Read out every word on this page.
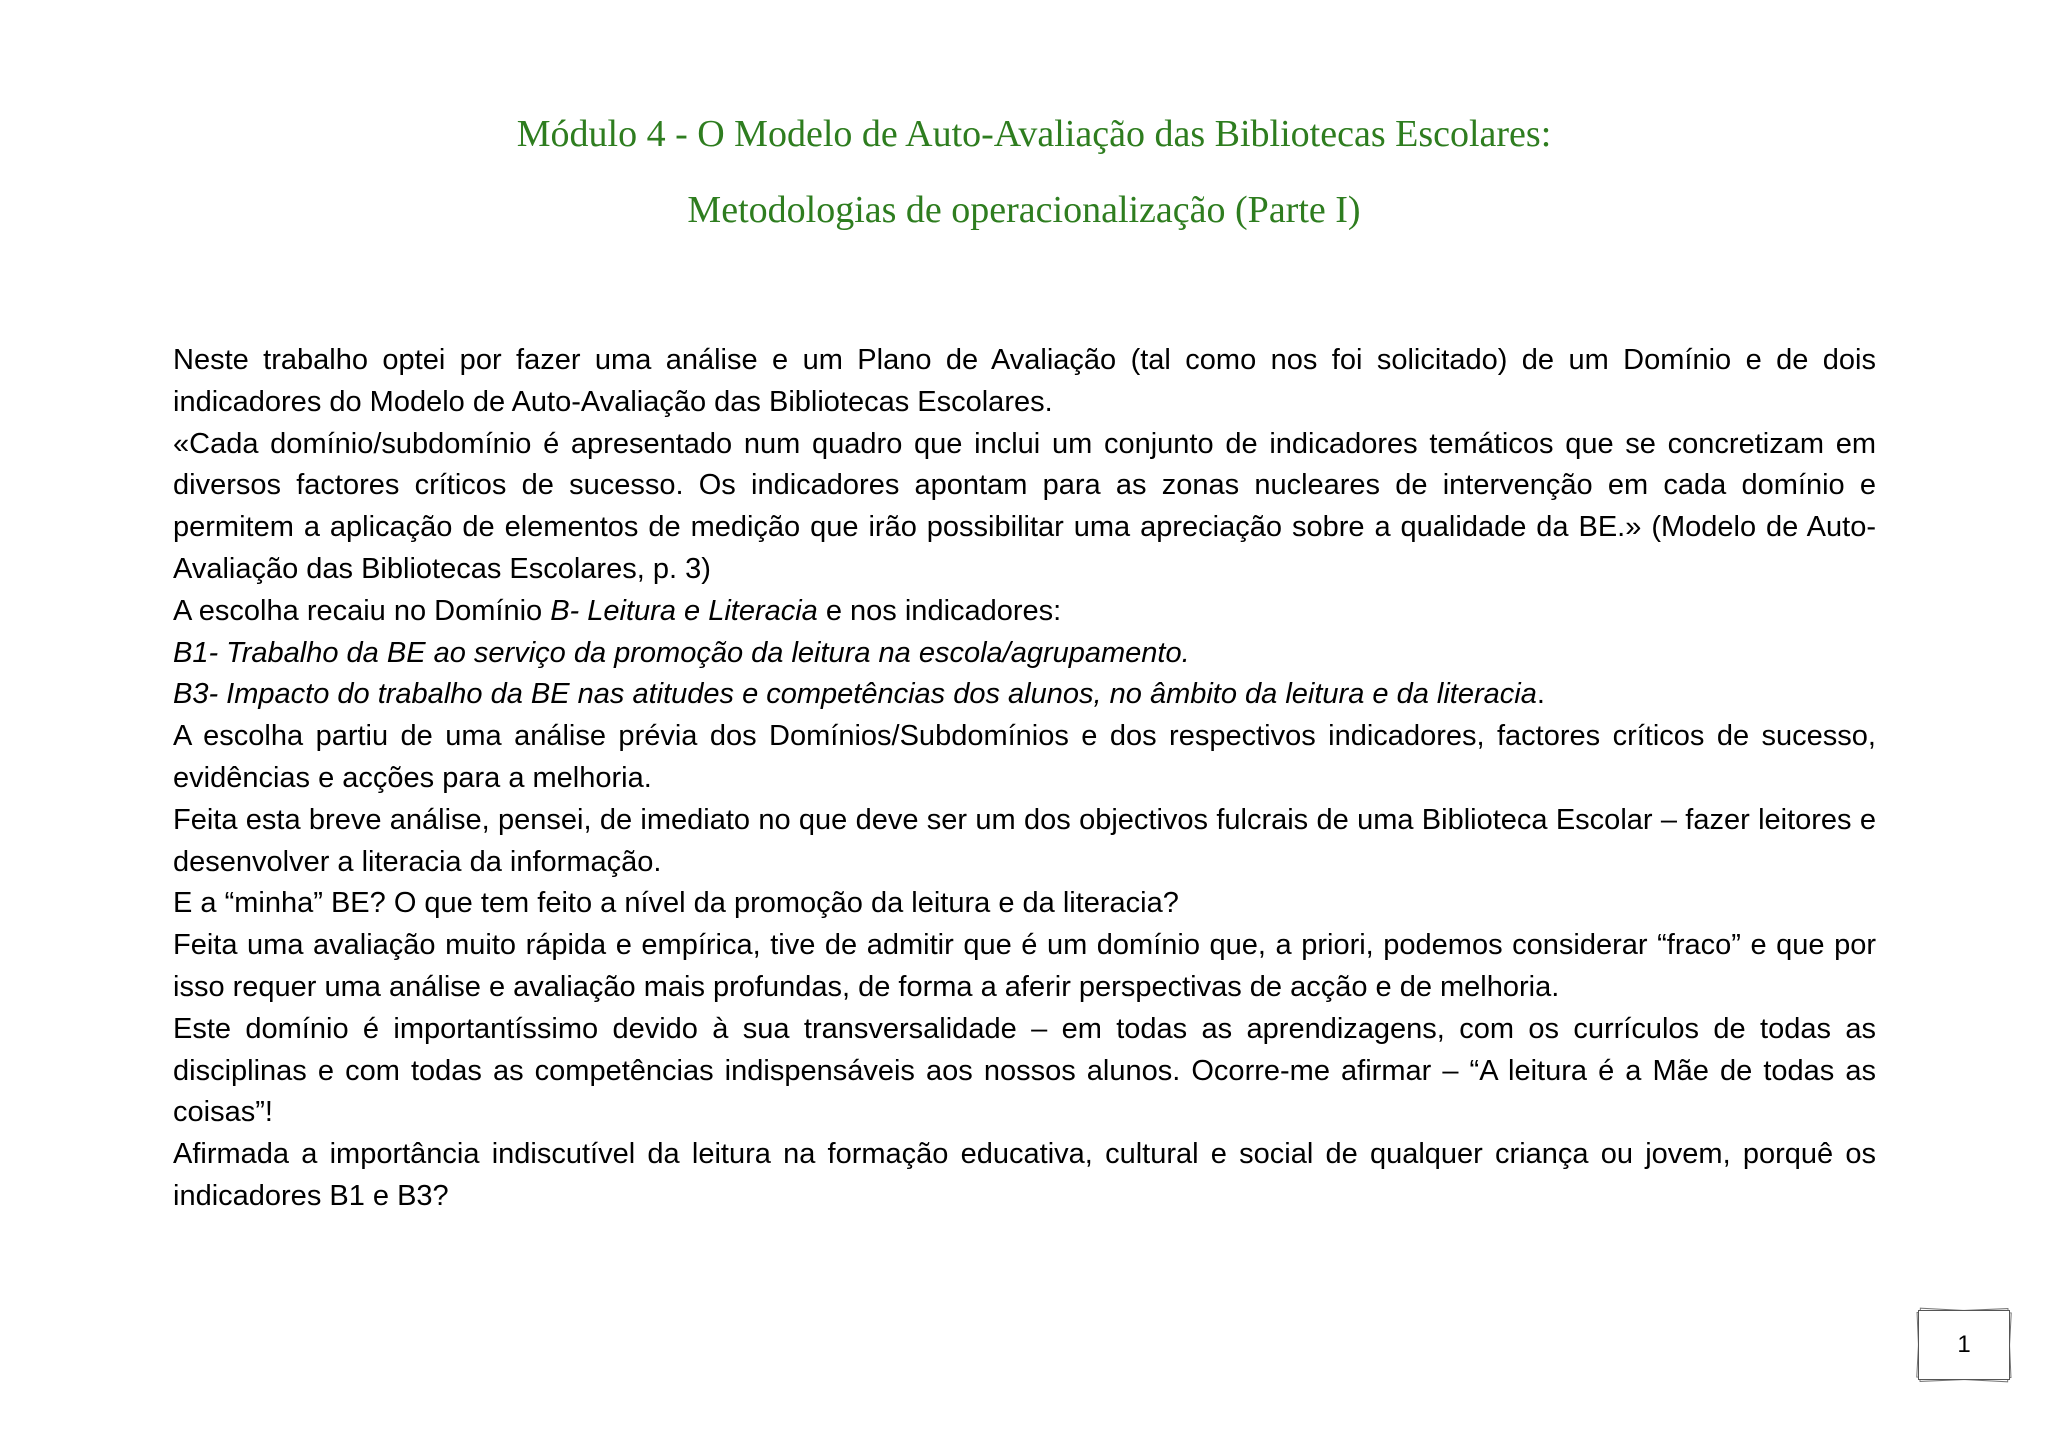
Módulo 4 - O Modelo de Auto-Avaliação das Bibliotecas Escolares:
Metodologias de operacionalização (Parte I)

Neste trabalho optei por fazer uma análise e um Plano de Avaliação (tal como nos foi solicitado) de um Domínio e de dois indicadores do Modelo de Auto-Avaliação das Bibliotecas Escolares.

«Cada domínio/subdomínio é apresentado num quadro que inclui um conjunto de indicadores temáticos que se concretizam em diversos factores críticos de sucesso. Os indicadores apontam para as zonas nucleares de intervenção em cada domínio e permitem a aplicação de elementos de medição que irão possibilitar uma apreciação sobre a qualidade da BE.» (Modelo de Auto-Avaliação das Bibliotecas Escolares, p. 3)

A escolha recaiu no Domínio B- Leitura e Literacia e nos indicadores:

B1- Trabalho da BE ao serviço da promoção da leitura na escola/agrupamento.

B3- Impacto do trabalho da BE nas atitudes e competências dos alunos, no âmbito da leitura e da literacia.

A escolha partiu de uma análise prévia dos Domínios/Subdomínios e dos respectivos indicadores, factores críticos de sucesso, evidências e acções para a melhoria.

Feita esta breve análise, pensei, de imediato no que deve ser um dos objectivos fulcrais de uma Biblioteca Escolar – fazer leitores e desenvolver a literacia da informação.

E a “minha” BE? O que tem feito a nível da promoção da leitura e da literacia?

Feita uma avaliação muito rápida e empírica, tive de admitir que é um domínio que, a priori, podemos considerar “fraco” e que por isso requer uma análise e avaliação mais profundas, de forma a aferir perspectivas de acção e de melhoria.

Este domínio é importantíssimo devido à sua transversalidade – em todas as aprendizagens, com os currículos de todas as disciplinas e com todas as competências indispensáveis aos nossos alunos. Ocorre-me afirmar – “A leitura é a Mãe de todas as coisas”!

Afirmada a importância indiscutível da leitura na formação educativa, cultural e social de qualquer criança ou jovem, porquê os indicadores B1 e B3?

1
